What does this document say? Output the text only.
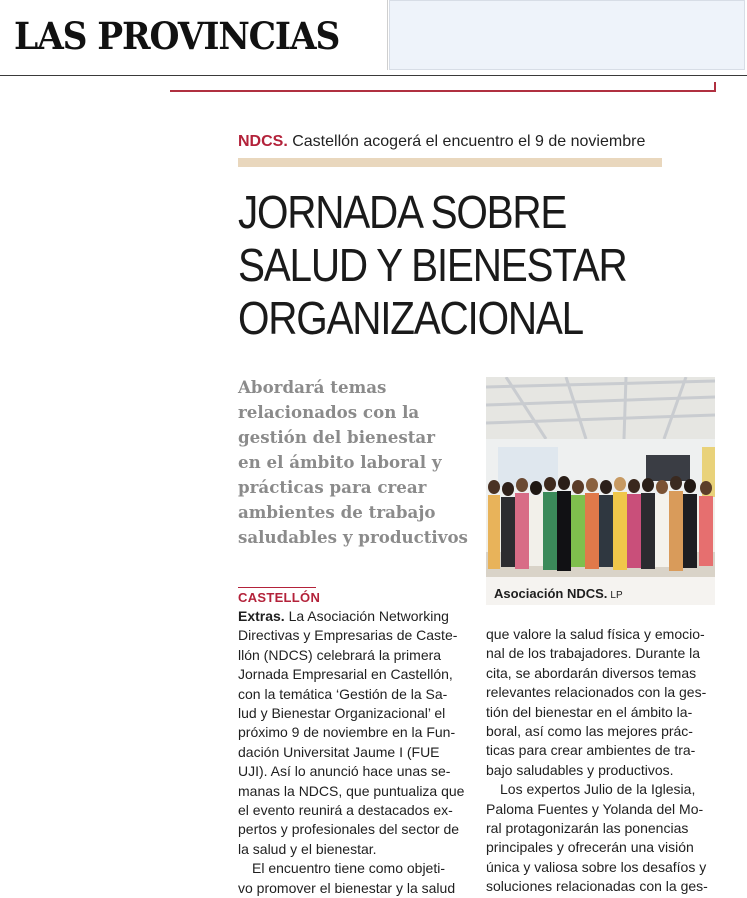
LAS PROVINCIAS
NDCS. Castellón acogerá el encuentro el 9 de noviembre
JORNADA SOBRE
SALUD Y BIENESTAR
ORGANIZACIONAL
Abordará temas
relacionados con la
gestión del bienestar
en el ámbito laboral y
prácticas para crear
ambientes de trabajo
saludables y productivos
Asociación NDCS. LP
CASTELLÓN
Extras. La Asociación Networking
Directivas y Empresarias de Caste-
llón (NDCS) celebrará la primera
Jornada Empresarial en Castellón,
con la temática ‘Gestión de la Sa-
lud y Bienestar Organizacional’ el
próximo 9 de noviembre en la Fun-
dación Universitat Jaume I (FUE
UJI). Así lo anunció hace unas se-
manas la NDCS, que puntualiza que
el evento reunirá a destacados ex-
pertos y profesionales del sector de
la salud y el bienestar.
El encuentro tiene como objeti-
vo promover el bienestar y la salud
que valore la salud física y emocio-
nal de los trabajadores. Durante la
cita, se abordarán diversos temas
relevantes relacionados con la ges-
tión del bienestar en el ámbito la-
boral, así como las mejores prác-
ticas para crear ambientes de tra-
bajo saludables y productivos.
Los expertos Julio de la Iglesia,
Paloma Fuentes y Yolanda del Mo-
ral protagonizarán las ponencias
principales y ofrecerán una visión
única y valiosa sobre los desafíos y
soluciones relacionadas con la ges-
